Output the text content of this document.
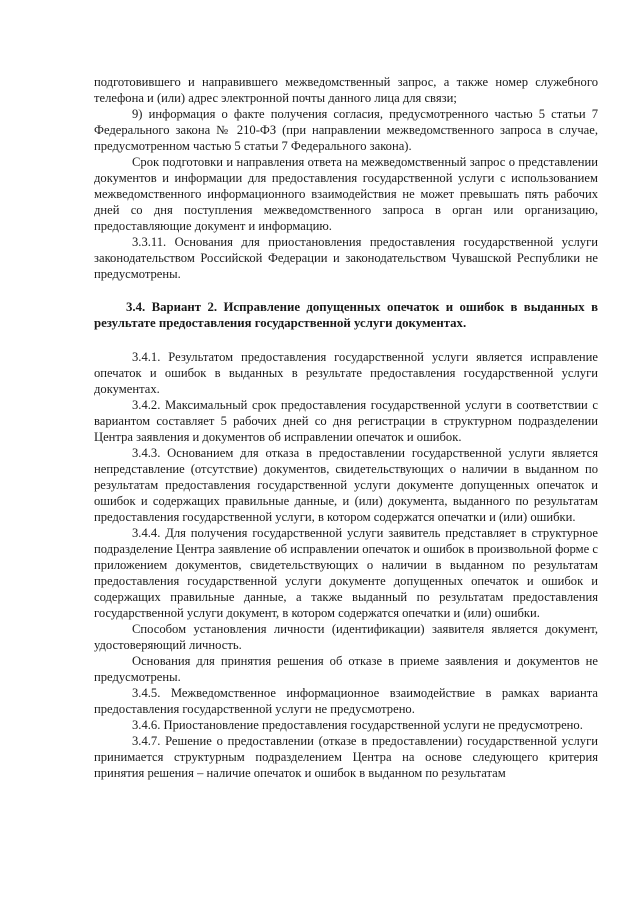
подготовившего и направившего межведомственный запрос, а также номер служебного телефона и (или) адрес электронной почты данного лица для связи;

9) информация о факте получения согласия, предусмотренного частью 5 статьи 7 Федерального закона № 210-ФЗ (при направлении межведомственного запроса в случае, предусмотренном частью 5 статьи 7 Федерального закона).

Срок подготовки и направления ответа на межведомственный запрос о представлении документов и информации для предоставления государственной услуги с использованием межведомственного информационного взаимодействия не может превышать пять рабочих дней со дня поступления межведомственного запроса в орган или организацию, предоставляющие документ и информацию.

3.3.11. Основания для приостановления предоставления государственной услуги законодательством Российской Федерации и законодательством Чувашской Республики не предусмотрены.

3.4. Вариант 2. Исправление допущенных опечаток и ошибок в выданных в результате предоставления государственной услуги документах.

3.4.1. Результатом предоставления государственной услуги является исправление опечаток и ошибок в выданных в результате предоставления государственной услуги документах.

3.4.2. Максимальный срок предоставления государственной услуги в соответствии с вариантом составляет 5 рабочих дней со дня регистрации в структурном подразделении Центра заявления и документов об исправлении опечаток и ошибок.

3.4.3. Основанием для отказа в предоставлении государственной услуги является непредставление (отсутствие) документов, свидетельствующих о наличии в выданном по результатам предоставления государственной услуги документе допущенных опечаток и ошибок и содержащих правильные данные, и (или) документа, выданного по результатам предоставления государственной услуги, в котором содержатся опечатки и (или) ошибки.

3.4.4. Для получения государственной услуги заявитель представляет в структурное подразделение Центра заявление об исправлении опечаток и ошибок в произвольной форме с приложением документов, свидетельствующих о наличии в выданном по результатам предоставления государственной услуги документе допущенных опечаток и ошибок и содержащих правильные данные, а также выданный по результатам предоставления государственной услуги документ, в котором содержатся опечатки и (или) ошибки.

Способом установления личности (идентификации) заявителя является документ, удостоверяющий личность.

Основания для принятия решения об отказе в приеме заявления и документов не предусмотрены.

3.4.5. Межведомственное информационное взаимодействие в рамках варианта предоставления государственной услуги не предусмотрено.

3.4.6. Приостановление предоставления государственной услуги не предусмотрено.

3.4.7. Решение о предоставлении (отказе в предоставлении) государственной услуги принимается структурным подразделением Центра на основе следующего критерия принятия решения – наличие опечаток и ошибок в выданном по результатам
